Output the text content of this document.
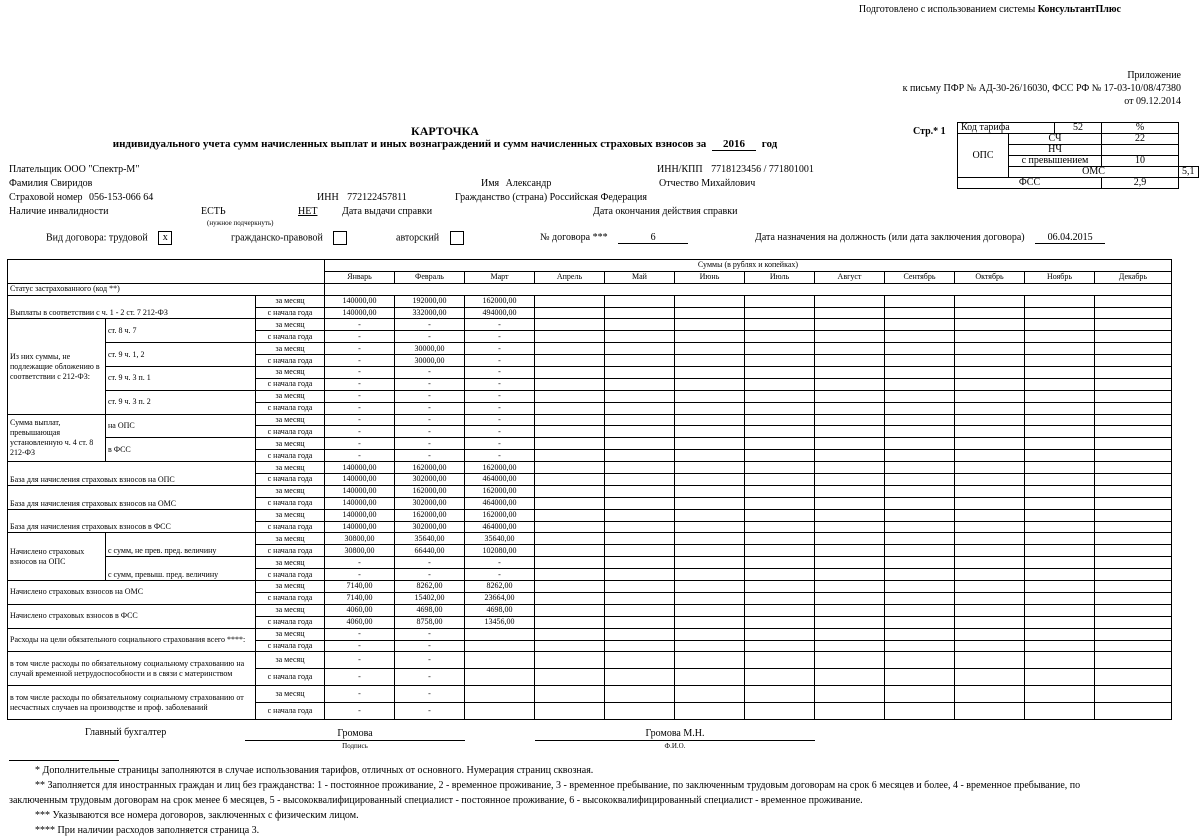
Подготовлено с использованием системы КонсультантПлюс
Приложение
к письму ПФР № АД-30-26/16030, ФСС РФ № 17-03-10/08/47380
от 09.12.2014
КАРТОЧКА
индивидуального учета сумм начисленных выплат и иных вознаграждений и сумм начисленных страховых взносов за 2016 год
Стр.* 1 Код тарифа		52	%	
ОПС	СЧ		22	
	НЧ			
	с превышением		10	
	ОМС			5,1
ФСС			2,9	
Плательщик ООО "Спектр-М"	ИНН/КПП 7718123456 / 771801001
Фамилия Свиридов	Имя Александр	Отчество Михайлович
Страховой номер 056-153-066 64	ИНН 772122457811	Гражданство (страна) Российская Федерация
Наличие инвалидности	ЕСТЬ	НЕТ Дата выдачи справки	Дата окончания действия справки
(нужное подчеркнуть)
Вид договора: трудовой x	гражданско-правовой	авторский	№ договора ***	6	Дата назначения на должность (или дата заключения договора) 06.04.2015
			Суммы (в рублях и копейках)											
			Январь	Февраль	Март	Апрель	Май	Июнь	Июль	Август	Сентябрь	Октябрь	Ноябрь	Декабрь
Статус застрахованного (код **)														
Выплаты в соответствии с ч. 1 - 2 ст. 7 212-ФЗ		за месяц	140000,00	192000,00	162000,00									
		с начала года	140000,00	332000,00	494000,00									
Из них суммы, не подлежащие обложению в соответствии с 212-ФЗ:	ст. 8 ч. 7	за месяц	-	-	-									
		с начала года	-	-	-									
	ст. 9 ч. 1, 2	за месяц	-	30000,00	-									
		с начала года	-	30000,00	-									
	ст. 9 ч. 3 п. 1	за месяц	-	-	-									
		с начала года	-	-	-									
	ст. 9 ч. 3 п. 2	за месяц	-	-	-									
		с начала года	-	-	-									
Сумма выплат, превышающая установленную ч. 4 ст. 8 212-ФЗ	на ОПС	за месяц	-	-	-									
		с начала года	-	-	-									
	в ФСС	за месяц	-	-	-									
		с начала года	-	-	-									
База для начисления страховых взносов на ОПС		за месяц	140000,00	162000,00	162000,00									
		с начала года	140000,00	302000,00	464000,00									
База для начисления страховых взносов на ОМС		за месяц	140000,00	162000,00	162000,00									
		с начала года	140000,00	302000,00	464000,00									
База для начисления страховых взносов в ФСС		за месяц	140000,00	162000,00	162000,00									
		с начала года	140000,00	302000,00	464000,00									
Начислено страховых взносов на ОПС	с сумм, не прев. пред. величину	за месяц	30800,00	35640,00	35640,00									
		с начала года	30800,00	66440,00	102080,00									
	с сумм, превыш. пред. величину	за месяц	-	-	-									
		с начала года	-	-	-									
Начислено страховых взносов на ОМС		за месяц	7140,00	8262,00	8262,00									
		с начала года	7140,00	15402,00	23664,00									
Начислено страховых взносов в ФСС		за месяц	4060,00	4698,00	4698,00									
		с начала года	4060,00	8758,00	13456,00									
Расходы на цели обязательного социального страхования всего ****:		за месяц	-	-										
		с начала года	-	-										
в том числе расходы по обязательному социальному страхованию на случай временной нетрудоспособности и в связи с материнством		за месяц	-	-										
		с начала года	-	-										
в том числе расходы по обязательному социальному страхованию от несчастных случаев на производстве и проф. заболеваний		за месяц	-	-										
		с начала года	-	-										
Главный бухгалтер	Громова
Подпись
Громова М.Н.
Ф.И.О.
* Дополнительные страницы заполняются в случае использования тарифов, отличных от основного. Нумерация страниц сквозная.
** Заполняется для иностранных граждан и лиц без гражданства: 1 - постоянное проживание, 2 - временное проживание, 3 - временное пребывание, по заключенным трудовым договорам на срок 6 месяцев и более, 4 - временное пребывание, по
заключенным трудовым договорам на срок менее 6 месяцев, 5 - высококвалифицированный специалист - постоянное проживание, 6 - высококвалифицированный специалист - временное проживание.
*** Указываются все номера договоров, заключенных с физическим лицом.
**** При наличии расходов заполняется страница 3.
